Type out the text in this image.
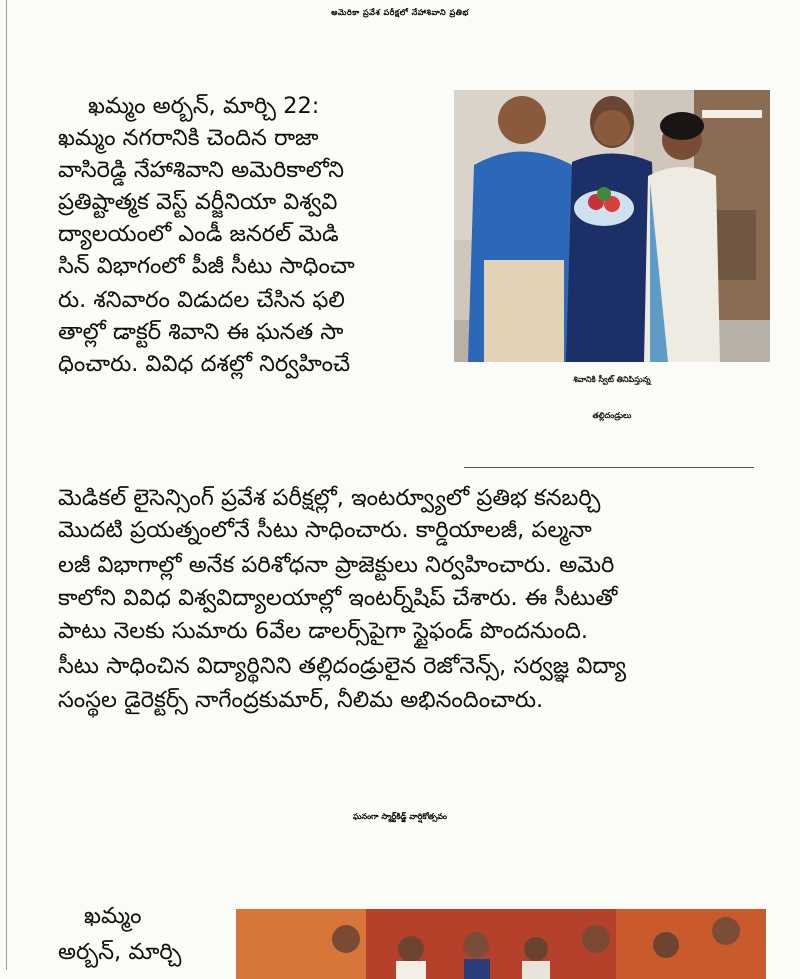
అమెరికా ప్రవేశ పరీక్షలో నేహాశివాని ప్రతిభ
ఖమ్మం అర్బన్, మార్చి 22:
ఖమ్మం నగరానికి చెందిన రాజా
వాసిరెడ్డి నేహాశివాని అమెరికాలోని
ప్రతిష్టాత్మక వెస్ట్ వర్జీనియా విశ్వవి
ద్యాలయంలో ఎండీ జనరల్ మెడి
సిన్ విభాగంలో పీజీ సీటు సాధించా
రు. శనివారం విడుదల చేసిన ఫలి
తాల్లో డాక్టర్ శివాని ఈ ఘనత సా
ధించారు. వివిధ దశల్లో నిర్వహించే
శివానికి స్వీట్ తినిపిస్తున్న
తల్లిదండ్రులు
మెడికల్ లైసెన్సింగ్ ప్రవేశ పరీక్షల్లో, ఇంటర్వ్యూలో ప్రతిభ కనబర్చి
మొదటి ప్రయత్నంలోనే సీటు సాధించారు. కార్డియాలజీ, పల్మనా
లజీ విభాగాల్లో అనేక పరిశోధనా ప్రాజెక్టులు నిర్వహించారు. అమెరి
కాలోని వివిధ విశ్వవిద్యాలయాల్లో ఇంటర్న్‌షిప్ చేశారు. ఈ సీటుతో
పాటు నెలకు సుమారు 6వేల డాలర్స్‌పైగా స్టైఫండ్ పొందనుంది.
సీటు సాధించిన విద్యార్థినిని తల్లిదండ్రులైన రెజోనెన్స్, సర్వజ్ఞ విద్యా
సంస్థల డైరెక్టర్స్ నాగేంద్రకుమార్, నీలిమ అభినందించారు.
ఘనంగా స్మార్ట్‌కిడ్జ్ వార్షికోత్సవం
ఖమ్మం
అర్బన్, మార్చి
